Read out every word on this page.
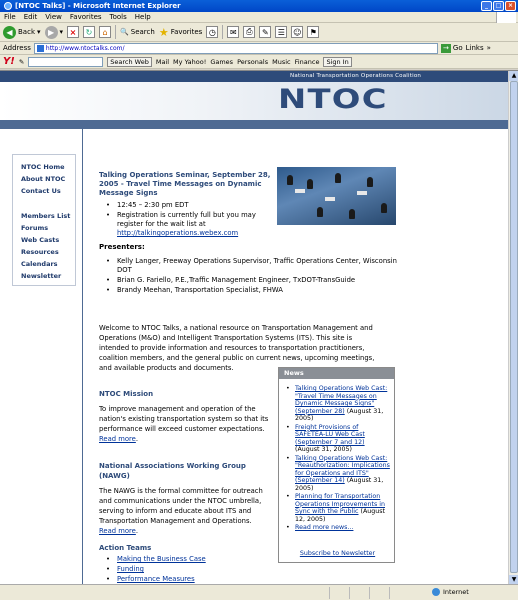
[NTOC Talks] - Microsoft Internet Explorer	_	□	×
File Edit View Favorites Tools Help
◀ Back ▾ ▶ ▾ ×	↻	⌂	🔍 Search ★ Favorites ◷	✉	⎙	✎	☰	☺	⚑
Address	http://www.ntoctalks.com/	→ Go Links »
Y! ✎	Search Web	Mail My Yahoo! Games Personals Music Finance	Sign In
National Transportation Operations Coalition
NTOC
NTOC Home
About NTOC
Contact Us
Members List
Forums
Web Casts
Resources
Calendars
Newsletter
Talking Operations Seminar, September 28, 2005 - Travel Time Messages on Dynamic Message Signs
• 12:45 – 2:30 pm EDT
• Registration is currently full but you may register for the wait list at http://talkingoperations.webex.com
Presenters:
• Kelly Langer, Freeway Operations Supervisor, Traffic Operations Center, Wisconsin DOT
• Brian G. Fariello, P.E.,Traffic Management Engineer, TxDOT-TransGuide
• Brandy Meehan, Transportation Specialist, FHWA
Welcome to NTOC Talks, a national resource on Transportation Management and Operations (M&O) and Intelligent Transportation Systems (ITS). This site is intended to provide information and resources to transportation practitioners, coalition members, and the general public on current news, upcoming meetings, and available products and documents.
NTOC Mission
To improve management and operation of the nation's existing transportation system so that its performance will exceed customer expectations. Read more.
National Associations Working Group (NAWG)
The NAWG is the formal committee for outreach and communications under the NTOC umbrella, serving to inform and educate about ITS and Transportation Management and Operations. Read more.
Action Teams
• Making the Business Case
• Funding
• Performance Measures
News
• Talking Operations Web Cast: "Travel Time Messages on Dynamic Message Signs" (September 28) (August 31, 2005)
• Freight Provisions of SAFETEA-LU Web Cast (September 7 and 12) (August 31, 2005)
• Talking Operations Web Cast: "Reauthorization: Implications for Operations and ITS" (September 14) (August 31, 2005)
• Planning for Transportation Operations Improvements in Sync with the Public (August 12, 2005)
• Read more news...
Subscribe to Newsletter
▲
▼
Internet
